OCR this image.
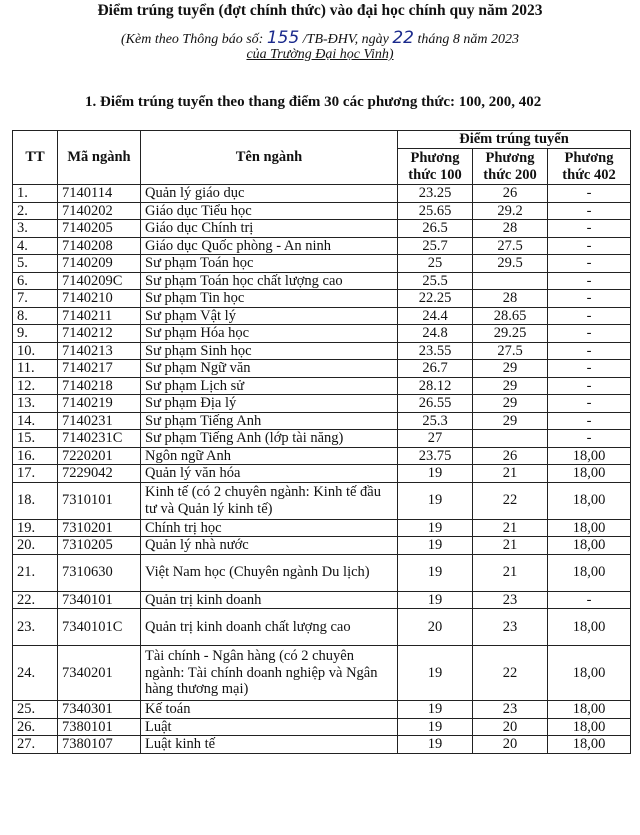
Điểm trúng tuyển (đợt chính thức) vào đại học chính quy năm 2023
(Kèm theo Thông báo số: 155 /TB-ĐHV, ngày 22 tháng 8 năm 2023
của Trường Đại học Vinh)
1. Điểm trúng tuyển theo thang điểm 30 các phương thức: 100, 200, 402
TT	Mã ngành	Tên ngành	Điểm trúng tuyển		
			Phương thức 100	Phương thức 200	Phương thức 402
1.	7140114	Quản lý giáo dục	23.25	26	-
2.	7140202	Giáo dục Tiểu học	25.65	29.2	-
3.	7140205	Giáo dục Chính trị	26.5	28	-
4.	7140208	Giáo dục Quốc phòng - An ninh	25.7	27.5	-
5.	7140209	Sư phạm Toán học	25	29.5	-
6.	7140209C	Sư phạm Toán học chất lượng cao	25.5		-
7.	7140210	Sư phạm Tin học	22.25	28	-
8.	7140211	Sư phạm Vật lý	24.4	28.65	-
9.	7140212	Sư phạm Hóa học	24.8	29.25	-
10.	7140213	Sư phạm Sinh học	23.55	27.5	-
11.	7140217	Sư phạm Ngữ văn	26.7	29	-
12.	7140218	Sư phạm Lịch sử	28.12	29	-
13.	7140219	Sư phạm Địa lý	26.55	29	-
14.	7140231	Sư phạm Tiếng Anh	25.3	29	-
15.	7140231C	Sư phạm Tiếng Anh (lớp tài năng)	27		-
16.	7220201	Ngôn ngữ Anh	23.75	26	18,00
17.	7229042	Quản lý văn hóa	19	21	18,00
18.	7310101	Kinh tế (có 2 chuyên ngành: Kinh tế đầu tư và Quản lý kinh tế)	19	22	18,00
19.	7310201	Chính trị học	19	21	18,00
20.	7310205	Quản lý nhà nước	19	21	18,00
21.	7310630	Việt Nam học (Chuyên ngành Du lịch)	19	21	18,00
22.	7340101	Quản trị kinh doanh	19	23	-
23.	7340101C	Quản trị kinh doanh chất lượng cao	20	23	18,00
24.	7340201	Tài chính - Ngân hàng (có 2 chuyên ngành: Tài chính doanh nghiệp và Ngân hàng thương mại)	19	22	18,00
25.	7340301	Kế toán	19	23	18,00
26.	7380101	Luật	19	20	18,00
27.	7380107	Luật kinh tế	19	20	18,00
